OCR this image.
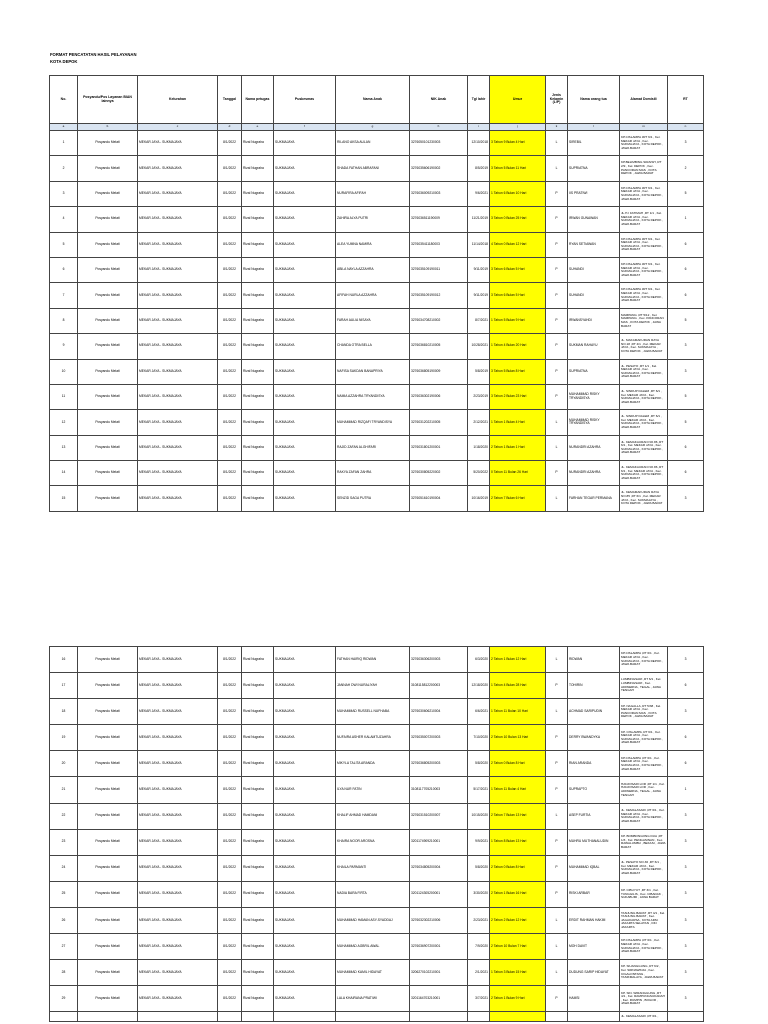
FORMAT PENCATATAN HASIL PELAYANAN
KOTA DEPOK
No.	Posyandu/Pos Layanan BIAN lainnya	Kelurahan	Tanggal	Nama petugas	Puskesmas	Nama Anak	NIK Anak	Tgl lahir	Umur	Jenis Kelamin (L/P)	Nama orang tua	Alamat Domisili	RT
a	b	c	d	e	f	g	h	i	j	k	l	m	n
1	Posyandu Melati	MEKAR JAYA - SUKMAJAYA	8/1/2022	Rizal Nugraha	SUKMAJAYA	RILANO AKSA AULAN	3276050101230003	12/10/2018	3 Tahun 9 Bulan 4 Hari	L	SIREBIL	KP.CISLAMPA JRT 6/1 , Kel. MEKAR JAYA , Kec. SUKMAJAYA , KOTA DEPOK , JAWA BARAT	3
2	Posyandu Melati	MEKAR JAYA - SUKMAJAYA	8/1/2022	Rizal Nugraha	SUKMAJAYA	SHADA FATHAN ABRAFANI	3276035606190002	8/5/2019	3 Tahun 5 Bulan 11 Hari	L	SUPRIATNA	KP.BELIMBING SIRAISH ,RT 2/9 , Kel. DEPOK , Kec. PANCORAN MAS , KOTA DEPOK , JAWA BARAT	2
3	Posyandu Melati	MEKAR JAYA - SUKMAJAYA	8/1/2022	Rizal Nugraha	SUKMAJAYA	NURAFIRA AFIFAH	3276036009210003	9/6/2021	1 Tahun 6 Bulan 10 Hari	P	IIS PRATIWI	KP.CISLAMPA JRT 6/1 , Kel. MEKAR JAYA , Kec. SUKMAJAYA , KOTA DEPOK , JAWA BARAT	5
4	Posyandu Melati	MEKAR JAYA - SUKMAJAYA	8/1/2022	Rizal Nugraha	SUKMAJAYA	ZAHIRA ALYA PUTRI	3276036511190009	11/21/2019	3 Tahun 0 Bulan 25 Hari	P	IRWAN GUNAWAN	JL.H.I FATIMAH ,RT 1/1 , Kel. MEKAR JAYA , Kec. SUKMAJAYA , KOTA DEPOK , JAWA BARAT	1
5	Posyandu Melati	MEKAR JAYA - SUKMAJAYA	8/1/2022	Rizal Nugraha	SUKMAJAYA	ALEA YUMNA NAMIRA	3276035411180003	11/14/2018	4 Tahun 0 Bulan 12 Hari	P	RYAN SETIAWAN	KP.CISLAMPA JRT 6/1 , Kel. MEKAR JAYA , Kec. SUKMAJAYA , KOTA DEPOK , JAWA BARAT	6
6	Posyandu Melati	MEKAR JAYA - SUKMAJAYA	8/1/2022	Rizal Nugraha	SUKMAJAYA	ABILA NAYLA AZZAHRA	3276035109190011	9/11/2019	3 Tahun 6 Bulan 5 Hari	P	SUHANDI	KP.CISLAMPA JRT 6/1 , Kel. MEKAR JAYA , Kec. SUKMAJAYA , KOTA DEPOK , JAWA BARAT	6
7	Posyandu Melati	MEKAR JAYA - SUKMAJAYA	8/1/2022	Rizal Nugraha	SUKMAJAYA	AFIFAH NURLA AZZAHRA	3276035109190012	9/11/2019	3 Tahun 6 Bulan 5 Hari	P	SUHANDI	KP.CISLAMPA JRT 6/1 , Kel. MEKAR JAYA , Kec. SUKMAJAYA , KOTA DEPOK , JAWA BARAT	6
8	Posyandu Melati	MEKAR JAYA - SUKMAJAYA	8/1/2022	Rizal Nugraha	SUKMAJAYA	FARAH AULIA NISAYA	3276034708210002	8/7/2021	1 Tahun 5 Bulan 9 Hari	P	IRWANSYAHDI	MAMPANG ,RT 5/12 , Kel. MAMPANG , Kec. PANCORAN MAS , KOTA DEPOK , JAWA BARAT	5
9	Posyandu Melati	MEKAR JAYA - SUKMAJAYA	8/1/2022	Rizal Nugraha	SUKMAJAYA	CHANDA OTRA BELLA	3276036810210005	10/28/2021	1 Tahun 4 Bulan 20 Hari	P	SUKMAN RAHAYU	JL. MAKAMAKURAN RAYA NO.18 ,RT 4/1 , Kel. MEKAR JAYA , Kec. SUKMAJAYA , KOTA DEPOK , JAWA BARAT	3
10	Posyandu Melati	MEKAR JAYA - SUKMAJAYA	8/1/2022	Rizal Nugraha	SUKMAJAYA	NAFISA SAKDAN BANAPRIYA	3276036805190009	5/8/2019	3 Tahun 5 Bulan 8 Hari	P	SUPRIATNA	JL. PESATO ,RT 1/1 , Kel. MEKAR JAYA , Kec. SUKMAJAYA , KOTA DEPOK , JAWA BARAT	3
11	Posyandu Melati	MEKAR JAYA - SUKMAJAYA	8/1/2022	Rizal Nugraha	SUKMAJAYA	NAMIA AZZAHRA TRYANDISYA	3276036302190006	2/23/2019	3 Tahun 2 Bulan 23 Hari	P	MUHAMMAD RISKY TRYANDISYA	JL. SINDUP DALEM ,RT 6/1 , Kel. MEKAR JAYA , Kec. SUKMAJAYA , KOTA DEPOK , JAWA BARAT	5
12	Posyandu Melati	MEKAR JAYA - SUKMAJAYA	8/1/2022	Rizal Nugraha	SUKMAJAYA	MUHAMMAD RIZQAFI TRYANDISYA	3276031202210005	2/12/2021	1 Tahun 1 Bulan 4 Hari	L	MUHAMMAD RISKY TRYANDISYA	JL. SINDUP DALEM ,RT 6/1 , Kel. MEKAR JAYA , Kec. SUKMAJAYA , KOTA DEPOK , JAWA BARAT	5
13	Posyandu Melati	MEKAR JAYA - SUKMAJAYA	8/1/2022	Rizal Nugraha	SUKMAJAYA	RAJID ZAFAN ALGHIFARI	3276031801200001	1/18/2020	2 Tahun 1 Bulan 1 Hari	L	NURANDRI AZAHRA	JL. KEMAKAURAN NO.86 ,RT 6/1 , Kel. MEKAR JAYA , Kec. SUKMAJAYA , KOTA DEPOK , JAWA BARAT	6
14	Posyandu Melati	MEKAR JAYA - SUKMAJAYA	8/1/2022	Rizal Nugraha	SUKMAJAYA	RAKYA ZAFAN ZAHRA	3276030805220002	5/20/2022	0 Tahun 11 Bulan 26 Hari	P	NURANDRI AZAHRA	JL. KEMAKAURAN NO.86 ,RT 6/1 , Kel. MEKAR JAYA , Kec. SUKMAJAYA , KOTA DEPOK , JAWA BARAT	6
15	Posyandu Melati	MEKAR JAYA - SUKMAJAYA	8/1/2022	Rizal Nugraha	SUKMAJAYA	SENZID SAGA PUTRA	3276051610190004	10/16/2019	2 Tahun 7 Bulan 6 Hari	L	FARHAN TEGAR PERMANA	JL. KEMAMAKURAN RAYA NO.85 ,RT 6/1 , Kel. MEKAR JAYA , Kec. SUKMAJAYA , KOTA DEPOK , JAWA BARAT	3
16	Posyandu Melati	MEKAR JAYA - SUKMAJAYA	8/1/2022	Rizal Nugraha	SUKMAJAYA	FATHAN HAIRIQ RIDWAN	3276036306200003	6/3/2020	2 Tahun 1 Bulan 12 Hari	L	RIDWAN	KP.CISLAMPA ,RT 6/1 , Kel. MEKAR JAYA , Kec. SUKMAJAYA , KOTA DEPOK , JAWA BARAT	3
17	Posyandu Melati	MEKAR JAYA - SUKMAJAYA	8/1/2022	Rizal Nugraha	SUKMAJAYA	JANNAH DWI NURALIYAH	3108115812200003	12/18/2020	1 Tahun 4 Bulan 28 Hari	P	TOHIRIN	LUMBINGSARI ,RT 6/1 , Kel. LUMBINGSARI , Kec. ADIWERNA , TEGAL , JAWA TENGAH	6
18	Posyandu Melati	MEKAR JAYA - SUKMAJAYA	8/1/2022	Rizal Nugraha	SUKMAJAYA	MUHAMMAD RUSSELL NUFHABA	3276030606210004	6/6/2021	1 Tahun 11 Bulan 10 Hari	L	ACHMAD SARIPUDIN	KP. NAGALLA ,RT 5/38 , Kel. MEKAR JAYA , Kec. PANCORAN MAS , KOTA DEPOK , JAWA BARAT	3
19	Posyandu Melati	MEKAR JAYA - SUKMAJAYA	8/1/2022	Rizal Nugraha	SUKMAJAYA	NUFAIRA ASHER KALAMTUZAHRA	3276035007200003	7/10/2020	2 Tahun 10 Bulan 13 Hari	P	DERRY BWANDYKA	KP. CISLAMPA ,RT 6/1 , Kel. MEKAR JAYA , Kec. SUKMAJAYA , KOTA DEPOK , JAWA BARAT	6
20	Posyandu Melati	MEKAR JAYA - SUKMAJAYA	8/1/2022	Rizal Nugraha	SUKMAJAYA	MIKYLA TALITA ARANDA	3276036805200003	5/8/2020	2 Tahun 0 Bulan 8 Hari	P	RIAN ARANDA	KP.CISLAMPA ,RT 6/1 , Kel. MEKAR JAYA , Kec. SUKMAJAYA , KOTA DEPOK , JAWA BARAT	6
21	Posyandu Melati	MEKAR JAYA - SUKMAJAYA	8/1/2022	Rizal Nugraha	SUKMAJAYA	ILYA NUR FATIN	3108117705210003	5/17/2021	1 Tahun 11 Bulan 4 Hari	P	SUPRAPTO	HANJOSARI LOR ,RT 1/1 , Kel. HANJOSARI LOR , Kec. ADIWERNA , TEGAL , JAWA TENGAH	1
22	Posyandu Melati	MEKAR JAYA - SUKMAJAYA	8/1/2022	Rizal Nugraha	SUKMAJAYA	KHALIF AHMAD HAMDANI	3276031510200007	10/15/2020	2 Tahun 7 Bulan 13 Hari	L	ASEP FURTIA	JL. KEMALASARI ,RT 6/1 , Kel. MEKAR JAYA , Kec. SUKMAJAYA , KOTA DEPOK , JAWA BARAT	3
23	Posyandu Melati	MEKAR JAYA - SUKMAJAYA	8/1/2022	Rizal Nugraha	SUKMAJAYA	KHAIRA NOOR AROSNA	3201174909210001	9/9/2021	1 Tahun 8 Bulan 13 Hari	P	MUHRU MUTHANALUDIN	KP. BOMBONGONG DUA ,RT 1/3 , Kel. PENGASINAN , Kec. RAWALUMBU , BEKASI , JAWA BARAT	3
24	Posyandu Melati	MEKAR JAYA - SUKMAJAYA	8/1/2022	Rizal Nugraha	SUKMAJAYA	KHAILA PARMANTI	3276034805200004	5/8/2020	2 Tahun 0 Bulan 8 Hari	P	MUHAMMAD IQBAL	JL. PESATO NO.36 ,RT 6/1 , Kel. MEKAR JAYA , Kec. SUKMAJAYA , KOTA DEPOK , JAWA BARAT	3
25	Posyandu Melati	MEKAR JAYA - SUKMAJAYA	8/1/2022	Rizal Nugraha	SUKMAJAYA	NADIA BARA FIRTA	3201124305200001	3/30/2020	2 Tahun 1 Bulan 16 Hari	P	RISKI ARBAR	KP. CIBUYUT ,RT 3/1 , Kel. TUNGGILIS , Kec. CIBADAK , SUKABUMI , JAWA BARAT	3
26	Posyandu Melati	MEKAR JAYA - SUKMAJAYA	8/1/2022	Rizal Nugraha	SUKMAJAYA	MUHAMMAD HAMAN ASY-SYADDAJ	3276032302210006	2/23/2021	2 Tahun 2 Bulan 12 Hari	L	ERDIT RAHMAN HAKIM	TANJUNG BARAT ,RT 4/1 , Kel. TANJUNG BARAT , Kec. JAGAKARSA , KOTA ADM. JAKARTA SELATAN , DKI JAKARTA	3
27	Posyandu Melati	MEKAR JAYA - SUKMAJAYA	8/1/2022	Rizal Nugraha	SUKMAJAYA	MUHAMMAD AGBRIL AWAL	3276036907200001	7/9/2020	2 Tahun 10 Bulan 7 Hari	L	MOH DAVIT	KP.CISLAMPA ,RT 6/1 , Kel. MEKAR JAYA , Kec. SUKMAJAYA , KOTA DEPOK , JAWA BARAT	3
28	Posyandu Melati	MEKAR JAYA - SUKMAJAYA	8/1/2022	Rizal Nugraha	SUKMAJAYA	MUHAMMAD KAMIL HIDAYAT	3206270102210001	2/1/2021	1 Tahun 3 Bulan 15 Hari	L	DUDUNG SARIP HIDAYAT	KP. SIUANGGUNG ,RT 6/2 , Kel. SIRNAWINJA , Kec. CIGALONTANG , TASIKMALAYA , JAWA BARAT	3
29	Posyandu Melati	MEKAR JAYA - SUKMAJAYA	8/1/2022	Rizal Nugraha	SUKMAJAYA	LALA KHAIRANA PRATIWI	3201164703210001	3/7/2021	2 Tahun 1 Bulan 9 Hari	P	HAMSI	KP. SIN. WIRANGGUNG ,RT 4/1 , Kel. RAMPUNGSUKADAH , Kec. RUMPIN , BOGOR , JAWA BARAT	3
												JL. KEMALASARI ,RT 6/1 ,	
